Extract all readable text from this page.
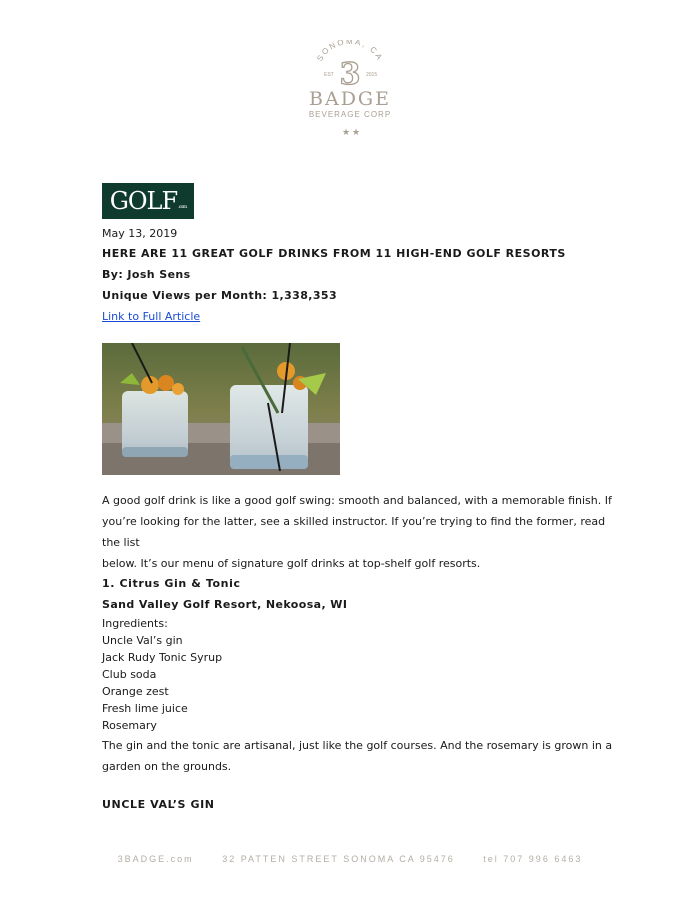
SONOMA, CA
EST	2015
3
★ ★
BADGE
BEVERAGE CORP
GOLF .com
May 13, 2019
HERE ARE 11 GREAT GOLF DRINKS FROM 11 HIGH-END GOLF RESORTS
By: Josh Sens
Unique Views per Month: 1,338,353
Link to Full Article
A good golf drink is like a good golf swing: smooth and balanced, with a memorable finish. If
you’re looking for the latter, see a skilled instructor. If you’re trying to find the former, read the list
below. It’s our menu of signature golf drinks at top-shelf golf resorts.
1. Citrus Gin & Tonic
Sand Valley Golf Resort, Nekoosa, WI
Ingredients:
Uncle Val’s gin
Jack Rudy Tonic Syrup
Club soda
Orange zest
Fresh lime juice
Rosemary
The gin and the tonic are artisanal, just like the golf courses. And the rosemary is grown in a
garden on the grounds.
UNCLE VAL’S GIN
3BADGE.com	32 PATTEN STREET SONOMA CA 95476	tel 707 996 6463
